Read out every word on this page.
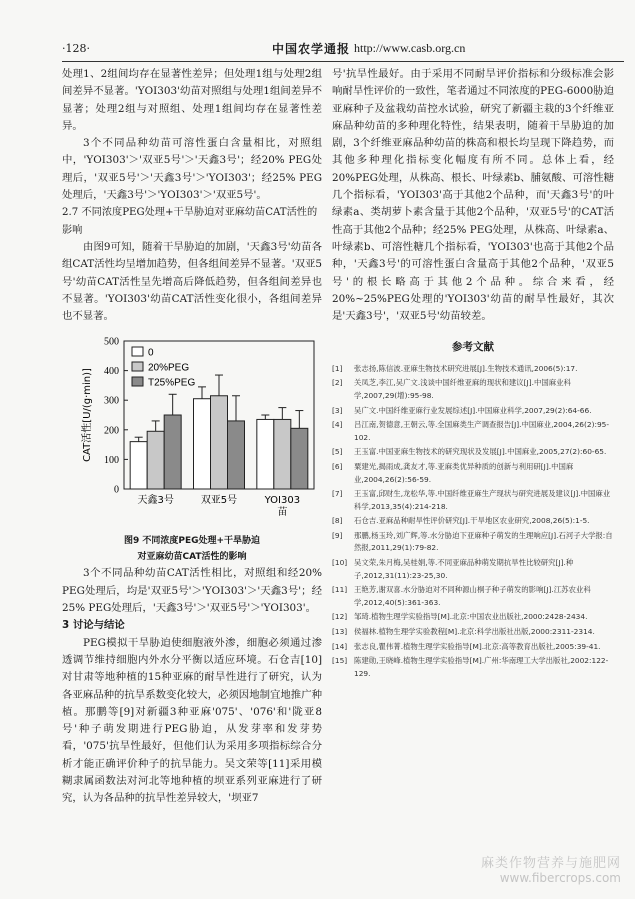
·128·	中国农学通报 http://www.casb.org.cn

处理1、2组间均存在显著性差异；但处理1组与处理2组间差异不显著。'YOI303'幼苗对照组与处理1组间差异不显著；处理2组与对照组、处理1组间均存在显著性差异。

3个不同品种幼苗可溶性蛋白含量相比，对照组中，'YOI303'＞'双亚5号'＞'天鑫3号'；经20% PEG处理后，'双亚5号'＞'天鑫3号'＞'YOI303'；经25% PEG处理后，'天鑫3号'＞'YOI303'＞'双亚5号'。

2.7 不同浓度PEG处理+干旱胁迫对亚麻幼苗CAT活性的影响

由图9可知，随着干旱胁迫的加剧，'天鑫3号'幼苗各组CAT活性均呈增加趋势，但各组间差异不显著。'双亚5号'幼苗CAT活性呈先增高后降低趋势，但各组间差异也不显著。'YOI303'幼苗CAT活性变化很小，各组间差异也不显著。

0
100
200
300
400
500
CAT活性[U/(g·min)]
天鑫3号	双亚5号	YOI303
苗
0
20%PEG
T25%PEG
图9 不同浓度PEG处理+干旱胁迫
对亚麻幼苗CAT活性的影响

3个不同品种幼苗CAT活性相比，对照组和经20% PEG处理后，均是'双亚5号'＞'YOI303'＞'天鑫3号'；经25% PEG处理后，'天鑫3号'＞'双亚5号'＞'YOI303'。

3 讨论与结论

PEG模拟干旱胁迫使细胞液外渗，细胞必须通过渗透调节维持细胞内外水分平衡以适应环境。石仓吉[10]对甘肃等地种植的15种亚麻的耐旱性进行了研究，认为各亚麻品种的抗旱系数变化较大，必须因地制宜地推广种植。那鹏等[9]对新疆3种亚麻'075'、'076'和'陇亚8号'种子萌发期进行PEG胁迫，从发芽率和发芽势看，'075'抗旱性最好，但他们认为采用多项指标综合分析才能正确评价种子的抗旱能力。吴文荣等[11]采用模糊隶属函数法对河北等地种植的坝亚系列亚麻进行了研究，认为各品种的抗旱性差异较大，'坝亚7

号'抗旱性最好。由于采用不同耐旱评价指标和分级标准会影响耐旱性评价的一致性，笔者通过不同浓度的PEG-6000胁迫亚麻种子及盆栽幼苗控水试验，研究了新疆主栽的3个纤维亚麻品种幼苗的多种理化特性，结果表明，随着干旱胁迫的加剧，3个纤维亚麻品种幼苗的株高和根长均呈现下降趋势，而其他多种理化指标变化幅度有所不同。总体上看，经20%PEG处理，从株高、根长、叶绿素b、脯氨酸、可溶性糖几个指标看，'YOI303'高于其他2个品种，而'天鑫3号'的叶绿素a、类胡萝卜素含量于其他2个品种，'双亚5号'的CAT活性高于其他2个品种；经25% PEG处理，从株高、叶绿素a、叶绿素b、可溶性糖几个指标看，'YOI303'也高于其他2个品种，'天鑫3号'的可溶性蛋白含量高于其他2个品种，'双亚5号'的根长略高于其他2个品种。综合来看，经20%~25%PEG处理的'YOI303'幼苗的耐旱性最好，其次是'天鑫3号'，'双亚5号'幼苗较差。

参考文献
[1]	张志扬,陈信波.亚麻生物技术研究进展[J].生物技术通讯,2006(5):17.
[2]	关凤芝,李江,吴广文.浅谈中国纤维亚麻的现状和建议[J].中国麻业科学,2007,29(增):95-98.
[3]	吴广文.中国纤维亚麻行业发展综述[J].中国麻业科学,2007,29(2):64-66.
[4]	吕江南,贺德意,王朝云,等.全国麻类生产调查报告[J].中国麻业,2004,26(2):95-102.
[5]	王玉富.中国亚麻生物技术的研究现状及发展[J].中国麻业,2005,27(2):60-65.
[6]	粟建光,揭雨成,龚友才,等.亚麻类优异种质的创新与利用研[J].中国麻业,2004,26(2):56-59.
[7]	王玉富,邱财生,龙松华,等.中国纤维亚麻生产现状与研究进展及建议[J].中国麻业科学,2013,35(4):214-218.
[8]	石仓吉.亚麻品种耐旱性评价研究[J].干旱地区农业研究,2008,26(5):1-5.
[9]	那鹏,杨玉玲,刘广辉,等.水分胁迫下亚麻种子萌发的生理响应[J].石河子大学报:自然报,2011,29(1):79-82.
[10] 吴文荣,朱月梅,吴桂娟,等.不同亚麻品种萌发期抗旱性比较研究[J].种子,2012,31(11):23-25,30.
[11] 王艳芳,谢双喜.水分胁迫对不同种源山桐子种子萌发的影响[J].江苏农业科学,2012,40(5):361-363.
[12] 邹琦.植物生理学实验指导[M].北京:中国农业出版社,2000:2428-2434.
[13] 侯福林.植物生理学实验教程[M].北京:科学出版社出版,2000:2311-2314.
[14] 张志良,瞿伟菁.植物生理学实验指导[M].北京:高等教育出版社,2005:39-41.
[15] 陈建勋,王晓峰.植物生理学实验指导[M].广州:华南理工大学出版社,2002:122-129.
麻类作物营养与施肥网
www.fibercrops.com
